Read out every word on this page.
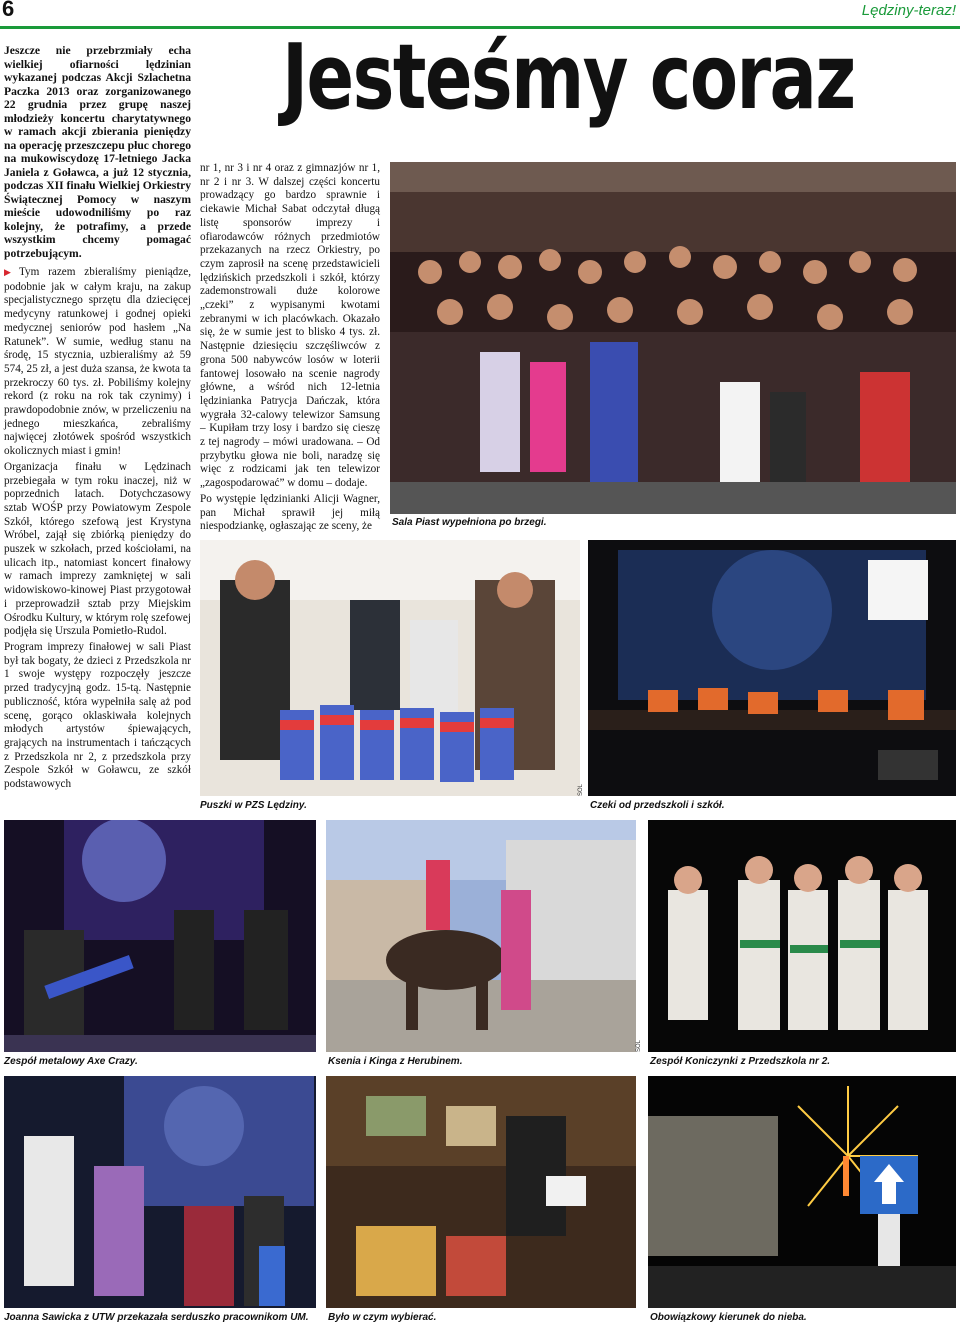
6	Lędziny-teraz!
Jesteśmy coraz

Jeszcze nie przebrzmiały echa wielkiej ofiarności lędzinian wykazanej podczas Akcji Szlachetna Paczka 2013 oraz zorganizowanego 22 grudnia przez grupę naszej młodzieży koncertu charytatywnego w ramach akcji zbierania pieniędzy na operację przeszczepu płuc chorego na mukowiscydozę 17-letniego Jacka Janiela z Goławca, a już 12 stycznia, podczas XII finału Wielkiej Orkiestry Świątecznej Pomocy w naszym mieście udowodniliśmy po raz kolejny, że potrafimy, a przede wszystkim chcemy pomagać potrzebującym.

▶ Tym razem zbieraliśmy pieniądze, podobnie jak w całym kraju, na zakup specjalistycznego sprzętu dla dziecięcej medycyny ratunkowej i godnej opieki medycznej seniorów pod hasłem „Na Ratunek”. W sumie, według stanu na środę, 15 stycznia, uzbieraliśmy aż 59 574, 25 zł, a jest duża szansa, że kwota ta przekroczy 60 tys. zł. Pobiliśmy kolejny rekord (z roku na rok tak czynimy) i prawdopodobnie znów, w przeliczeniu na jednego mieszkańca, zebraliśmy najwięcej złotówek spośród wszystkich okolicznych miast i gmin!

Organizacja finału w Lędzinach przebiegała w tym roku inaczej, niż w poprzednich latach. Dotychczasowy sztab WOŚP przy Powiatowym Zespole Szkół, którego szefową jest Krystyna Wróbel, zajął się zbiórką pieniędzy do puszek w szkołach, przed kościołami, na ulicach itp., natomiast koncert finałowy w ramach imprezy zamkniętej w sali widowiskowo-kinowej Piast przygotował i przeprowadził sztab przy Miejskim Ośrodku Kultury, w którym rolę szefowej podjęła się Urszula Pomietło-Rudol.

Program imprezy finałowej w sali Piast był tak bogaty, że dzieci z Przedszkola nr 1 swoje występy rozpoczęły jeszcze przed tradycyjną godz. 15-tą. Następnie publiczność, która wypełniła salę aż pod scenę, gorąco oklaskiwała kolejnych młodych artystów śpiewających, grających na instrumentach i tańczących z Przedszkola nr 2, z przedszkola przy Zespole Szkół w Goławcu, ze szkół podstawowych

nr 1, nr 3 i nr 4 oraz z gimnazjów nr 1, nr 2 i nr 3. W dalszej części koncertu prowadzący go bardzo sprawnie i ciekawie Michał Sabat odczytał długą listę sponsorów imprezy i ofiarodawców różnych przedmiotów przekazanych na rzecz Orkiestry, po czym zaprosił na scenę przedstawicieli lędzińskich przedszkoli i szkół, którzy zademonstrowali duże kolorowe „czeki” z wypisanymi kwotami zebranymi w ich placówkach. Okazało się, że w sumie jest to blisko 4 tys. zł. Następnie dziesięciu szczęśliwców z grona 500 nabywców losów w loterii fantowej losowało na scenie nagrody główne, a wśród nich 12-letnia lędzinianka Patrycja Dańczak, która wygrała 32-calowy telewizor Samsung – Kupiłam trzy losy i bardzo się cieszę z tej nagrody – mówi uradowana. – Od przybytku głowa nie boli, naradzę się więc z rodzicami jak ten telewizor „zagospodarować” w domu – dodaje.

Po występie lędzinianki Alicji Wagner, pan Michał sprawił jej miłą niespodziankę, ogłaszając ze sceny, że	Sala Piast wypełniona po brzegi.
Puszki w PZS Lędziny.
SOL
Czeki od przedszkoli i szkół.
Zespół metalowy Axe Crazy.	Ksenia i Kinga z Herubinem.
SOL
Zespół Koniczynki z Przedszkola nr 2.
Joanna Sawicka z UTW przekazała serduszko pracownikom UM. Było w czym wybierać.	Obowiązkowy kierunek do nieba.
